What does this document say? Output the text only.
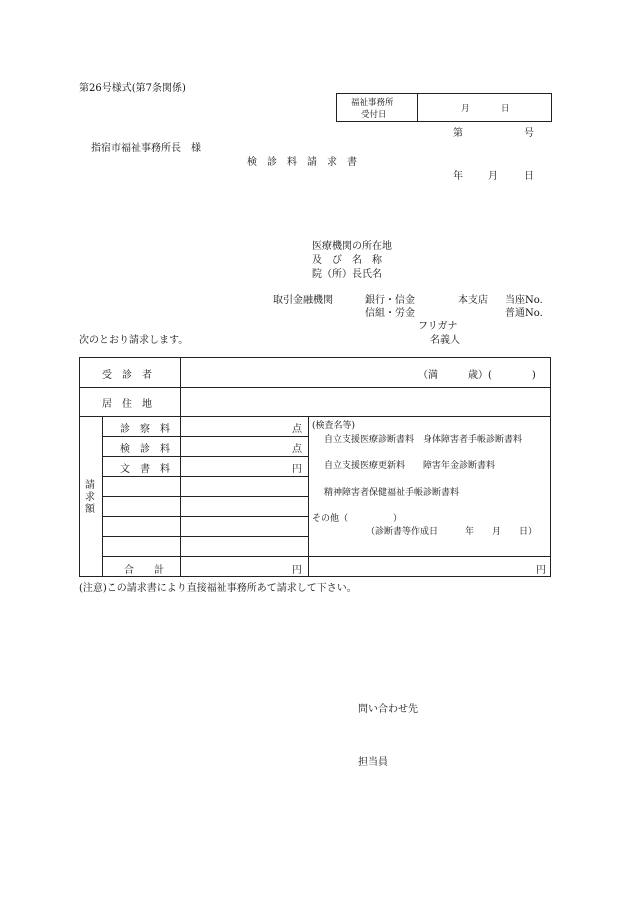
第26号様式(第7条関係)
福祉事務所
受付日
月	日
第	号
指宿市福祉事務所長　様
検　診　料　請　求　書
年	月	日
医療機関の所在地
及　び　名　称
院（所）長氏名
取引金融機関	銀行・信金	本支店 当座No.
信組・労金	普通No.
フリガナ
次のとおり請求します。	名義人
受　診　者	（満　　　歳）(　　　　)
居　住　地
請
求
額
診　察　料	点
検　診　料	点
文　書　料	円
合　　計	円	円
(検査名等)
自立支援医療診断書料　身体障害者手帳診断書料
自立支援医療更新料　　障害年金診断書料
精神障害者保健福祉手帳診断書料
その他（　　　　　）
（診断書等作成日　　　年　　月　　日）
(注意)この請求書により直接福祉事務所あて請求して下さい。
問い合わせ先
担当員
